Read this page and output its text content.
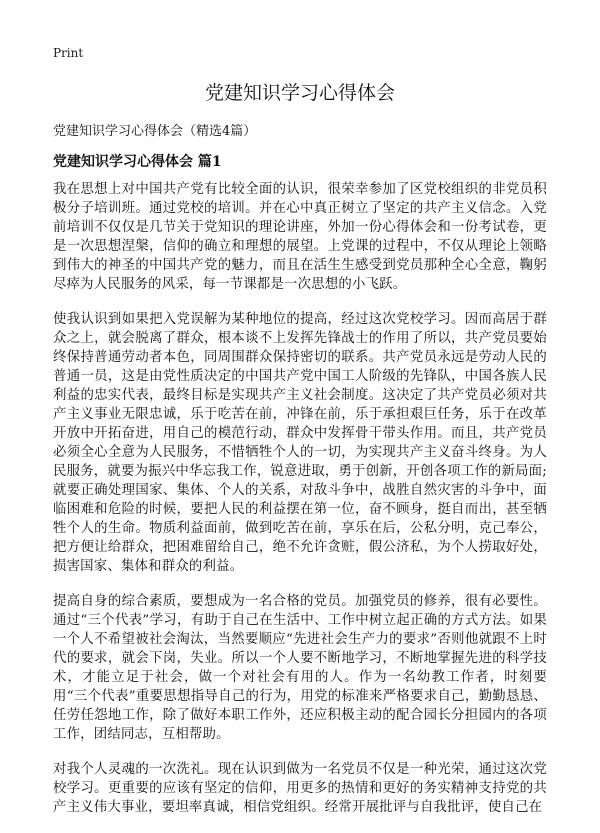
Print
党建知识学习心得体会

党建知识学习心得体会（精选4篇）

党建知识学习心得体会 篇1

我在思想上对中国共产党有比较全面的认识，很荣幸参加了区党校组织的非党员积极分子培训班。通过党校的培训。并在心中真正树立了坚定的共产主义信念。入党前培训不仅仅是几节关于党知识的理论讲座，外加一份心得体会和一份考试卷，更是一次思想涅槃，信仰的确立和理想的展望。上党课的过程中，不仅从理论上领略到伟大的神圣的中国共产党的魅力，而且在活生生感受到党员那种全心全意，鞠躬尽瘁为人民服务的风采，每一节课都是一次思想的小飞跃。

使我认识到如果把入党误解为某种地位的提高，经过这次党校学习。因而高居于群众之上，就会脱离了群众，根本谈不上发挥先锋战士的作用了所以，共产党员要始终保持普通劳动者本色，同周围群众保持密切的联系。共产党员永远是劳动人民的普通一员，这是由党性质决定的中国共产党中国工人阶级的先锋队，中国各族人民利益的忠实代表，最终目标是实现共产主义社会制度。这决定了共产党员必须对共产主义事业无限忠诚，乐于吃苦在前，冲锋在前，乐于承担艰巨任务，乐于在改革开放中开拓奋进，用自己的模范行动，群众中发挥骨干带头作用。而且，共产党员必须全心全意为人民服务，不惜牺牲个人的一切，为实现共产主义奋斗终身。为人民服务，就要为振兴中华忘我工作，锐意进取，勇于创新，开创各项工作的新局面;就要正确处理国家、集体、个人的关系，对敌斗争中，战胜自然灾害的斗争中，面临困难和危险的时候，要把人民的利益摆在第一位，奋不顾身，挺自而出，甚至牺牲个人的生命。物质利益面前，做到吃苦在前，享乐在后，公私分明，克己奉公，把方便让给群众，把困难留给自己，绝不允许贪赃，假公济私，为个人捞取好处，损害国家、集体和群众的利益。

提高自身的综合素质，要想成为一名合格的党员。加强党员的修养，很有必要性。通过“三个代表”学习，有助于自己在生活中、工作中树立起正确的方式方法。如果一个人不希望被社会淘汰，当然要顺应“先进社会生产力的要求”否则他就跟不上时代的要求，就会下岗，失业。所以一个人要不断地学习，不断地掌握先进的科学技术，才能立足于社会，做一个对社会有用的人。作为一名幼教工作者，时刻要用“三个代表”重要思想指导自己的行为，用党的标准来严格要求自己，勤勤恳恳、任劳任怨地工作，除了做好本职工作外，还应积极主动的配合园长分担园内的各项工作，团结同志，互相帮助。

对我个人灵魂的一次洗礼。现在认识到做为一名党员不仅是一种光荣，通过这次党校学习。更重要的应该有坚定的信仰，用更多的热情和更好的务实精神支持党的共产主义伟大事业，要坦率真诚，相信党组织。经常开展批评与自我批评，使自己在
